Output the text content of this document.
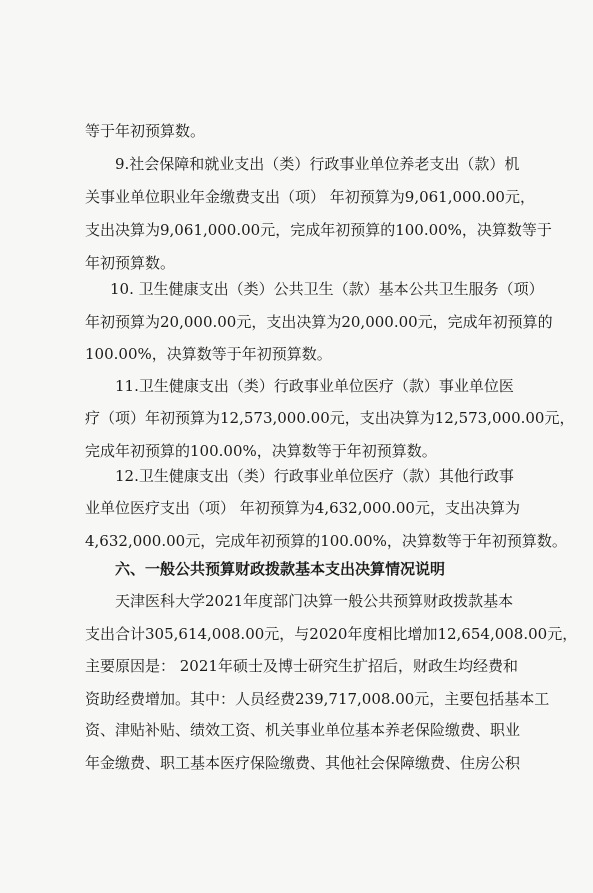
等于年初预算数。
9.社会保障和就业支出（类）行政事业单位养老支出（款）机
关事业单位职业年金缴费支出（项） 年初预算为9,061,000.00元，
支出决算为9,061,000.00元，完成年初预算的100.00%，决算数等于
年初预算数。
10. 卫生健康支出（类）公共卫生（款）基本公共卫生服务（项）
年初预算为20,000.00元，支出决算为20,000.00元，完成年初预算的
100.00%，决算数等于年初预算数。
11.卫生健康支出（类）行政事业单位医疗（款）事业单位医
疗（项）年初预算为12,573,000.00元，支出决算为12,573,000.00元，
完成年初预算的100.00%，决算数等于年初预算数。
12.卫生健康支出（类）行政事业单位医疗（款）其他行政事
业单位医疗支出（项） 年初预算为4,632,000.00元，支出决算为
4,632,000.00元，完成年初预算的100.00%，决算数等于年初预算数。
六、一般公共预算财政拨款基本支出决算情况说明
天津医科大学2021年度部门决算一般公共预算财政拨款基本
支出合计305,614,008.00元，与2020年度相比增加12,654,008.00元，
主要原因是： 2021年硕士及博士研究生扩招后，财政生均经费和
资助经费增加。其中：人员经费239,717,008.00元，主要包括基本工
资、津贴补贴、绩效工资、机关事业单位基本养老保险缴费、职业
年金缴费、职工基本医疗保险缴费、其他社会保障缴费、住房公积
